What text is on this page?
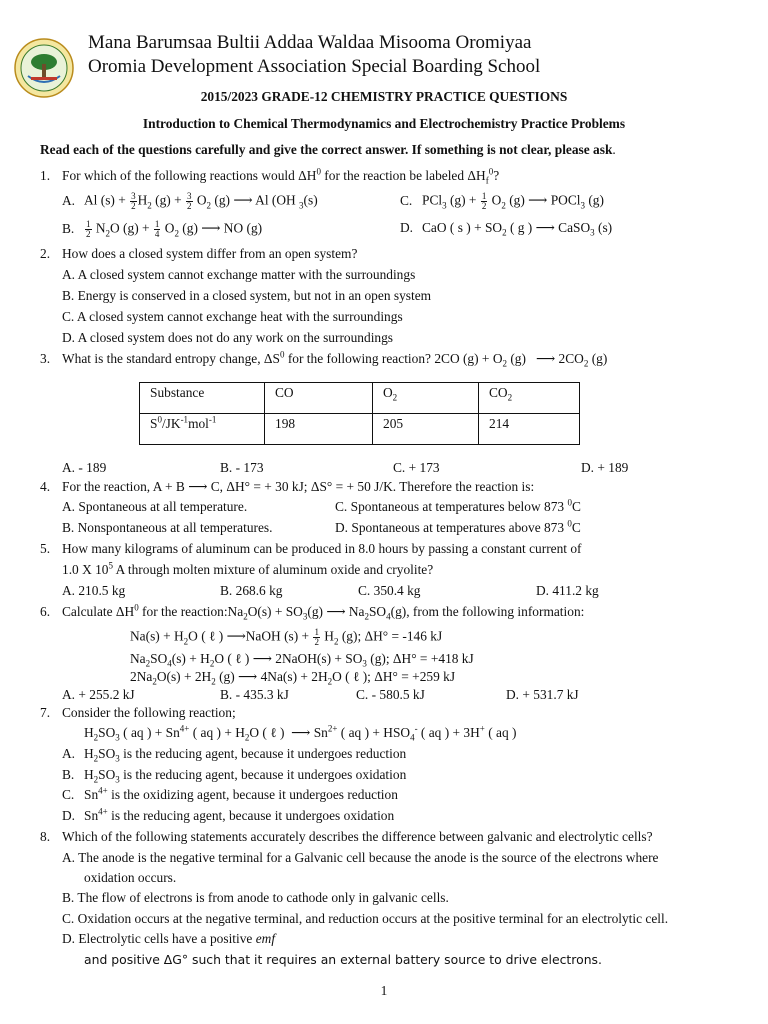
Mana Barumsaa Bultii Addaa Waldaa Misooma Oromiyaa
Oromia Development Association Special Boarding School
2015/2023 GRADE-12 CHEMISTRY PRACTICE QUESTIONS
Introduction to Chemical Thermodynamics and Electrochemistry Practice Problems
Read each of the questions carefully and give the correct answer. If something is not clear, please ask.
1. For which of the following reactions would $\Delta H^0$ for the reaction be labeled $\Delta H_f^0$?
A. Al $(s) + \frac{3}{2} H_2$ $(g) + \frac{3}{2} O_2$ (g) ⟶ Al (OH $_3$(s)	C. PCl$_3$ $(g) + \frac{1}{2} O_2$ (g) ⟶ POCl$_3$ (g)
B. $\frac{1}{2} N_2O$ $(g) + \frac{1}{4} O_2$ (g) ⟶ NO (g)	D. CaO ( s ) + $SO_2$ ( g ) ⟶ CaSO$_3$ (s)
2. How does a closed system differ from an open system?
A. A closed system cannot exchange matter with the surroundings
B. Energy is conserved in a closed system, but not in an open system
C. A closed system cannot exchange heat with the surroundings
D. A closed system does not do any work on the surroundings
3. What is the standard entropy change, $\Delta S^0$ for the following reaction? 2CO $(g) + O_2$ (g)   ⟶ $2CO_2$ (g)
Substance	CO	$O_2$	$CO_2$
$S^0/JK^{-1}mol^{-1}$	198	205	214
A. - 189	B. - 173	C. + 173	D. + 189
4. For the reaction, A + B ⟶ C, ΔH° = + 30 kJ; ΔS° = + 50 J/K. Therefore the reaction is:
A. Spontaneous at all temperature.	C. Spontaneous at temperatures below 873 $^0$C
B. Nonspontaneous at all temperatures.	D. Spontaneous at temperatures above 873 $^0$C
5. How many kilograms of aluminum can be produced in 8.0 hours by passing a constant current of
1.0 X $10^5$ A through molten mixture of aluminum oxide and cryolite?
A. 210.5 kg	B. 268.6 kg	C. 350.4 kg	D. 411.2 kg
6. Calculate $\Delta H^0$ for the $reaction:Na_2O(s) + SO_3(g)$ ⟶ $Na_2SO_4(g)$, from the following information:
$Na(s) + H_2O$ ( ℓ ) ⟶NaOH $(s) + \frac{1}{2} H_2$ (g); ΔH° = -146 kJ
$Na_2SO_4(s) + H_2O$ ( ℓ ) ⟶ 2NaOH(s) + $SO_3$ (g); ΔH° = +418 kJ
$2Na_2O(s) + 2H_2$ (g) ⟶ $4Na(s) + 2H_2O$ ( ℓ ); ΔH° = +259 kJ
A. + 255.2 kJ	B. - 435.3 kJ	C. - 580.5 kJ	D. + 531.7 kJ
7. Consider the following reaction;
$H_2SO_3$ ( aq ) + $Sn^{4+}$ ( aq ) + $H_2O$ ( ℓ )  ⟶ $Sn^{2+}$ ( aq ) + $HSO_4^-$ ( aq ) + 3H+ ( aq )
A. $H_2SO_3$ is the reducing agent, because it undergoes reduction
B. $H_2SO_3$ is the reducing agent, because it undergoes oxidation
C. $Sn^{4+}$ is the oxidizing agent, because it undergoes reduction
D. $Sn^{4+}$ is the reducing agent, because it undergoes oxidation
8. Which of the following statements accurately describes the difference between galvanic and electrolytic cells?
A. The anode is the negative terminal for a Galvanic cell because the anode is the source of the electrons where
oxidation occurs.
B. The flow of electrons is from anode to cathode only in galvanic cells.
C. Oxidation occurs at the negative terminal, and reduction occurs at the positive terminal for an electrolytic cell.
D. Electrolytic cells have a positive emf
and positive ΔG° such that it requires an external battery source to drive electrons.
1
